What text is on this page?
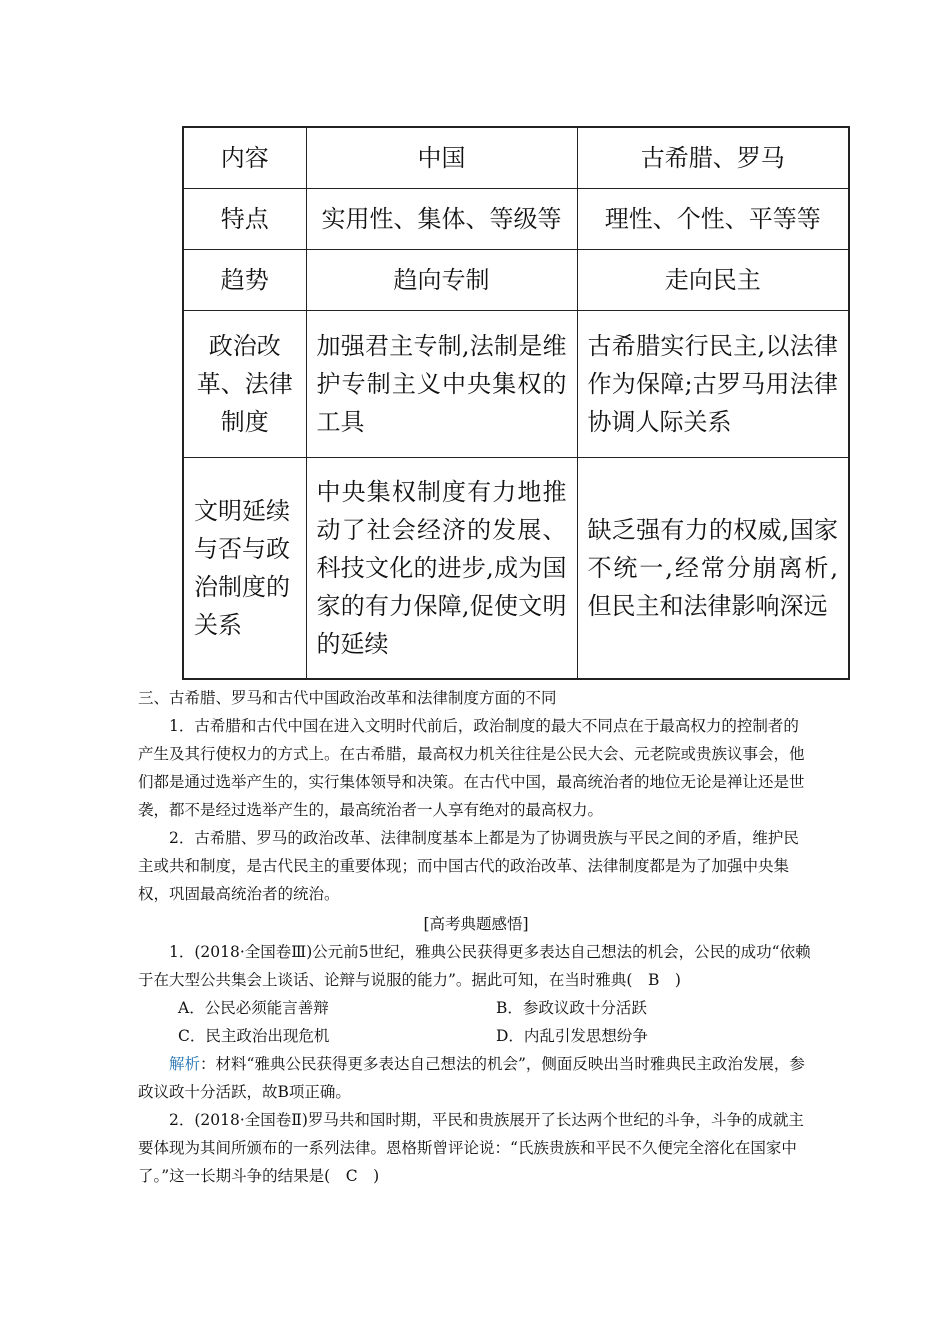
内容	中国	古希腊、罗马
特点	实用性、集体、等级等	理性、个性、平等等
趋势	趋向专制	走向民主
政治改革、法律制度	加强君主专制,法制是维护专制主义中央集权的工具	古希腊实行民主,以法律作为保障;古罗马用法律协调人际关系
文明延续与否与政治制度的关系	中央集权制度有力地推动了社会经济的发展、科技文化的进步,成为国家的有力保障,促使文明的延续	缺乏强有力的权威,国家不统一,经常分崩离析,但民主和法律影响深远

三、古希腊、罗马和古代中国政治改革和法律制度方面的不同

1．古希腊和古代中国在进入文明时代前后，政治制度的最大不同点在于最高权力的控制者的产生及其行使权力的方式上。在古希腊，最高权力机关往往是公民大会、元老院或贵族议事会，他们都是通过选举产生的，实行集体领导和决策。在古代中国，最高统治者的地位无论是禅让还是世袭，都不是经过选举产生的，最高统治者一人享有绝对的最高权力。

2．古希腊、罗马的政治改革、法律制度基本上都是为了协调贵族与平民之间的矛盾，维护民主或共和制度，是古代民主的重要体现；而中国古代的政治改革、法律制度都是为了加强中央集权，巩固最高统治者的统治。

[高考典题感悟]

1．(2018·全国卷Ⅲ)公元前5世纪，雅典公民获得更多表达自己想法的机会，公民的成功“依赖于在大型公共集会上谈话、论辩与说服的能力”。据此可知，在当时雅典(　B　)

A．公民必须能言善辩	B．参政议政十分活跃
C．民主政治出现危机	D．内乱引发思想纷争

解析：材料“雅典公民获得更多表达自己想法的机会”，侧面反映出当时雅典民主政治发展，参政议政十分活跃，故B项正确。

2．(2018·全国卷Ⅱ)罗马共和国时期，平民和贵族展开了长达两个世纪的斗争，斗争的成就主要体现为其间所颁布的一系列法律。恩格斯曾评论说：“氏族贵族和平民不久便完全溶化在国家中了。”这一长期斗争的结果是(　C　)
